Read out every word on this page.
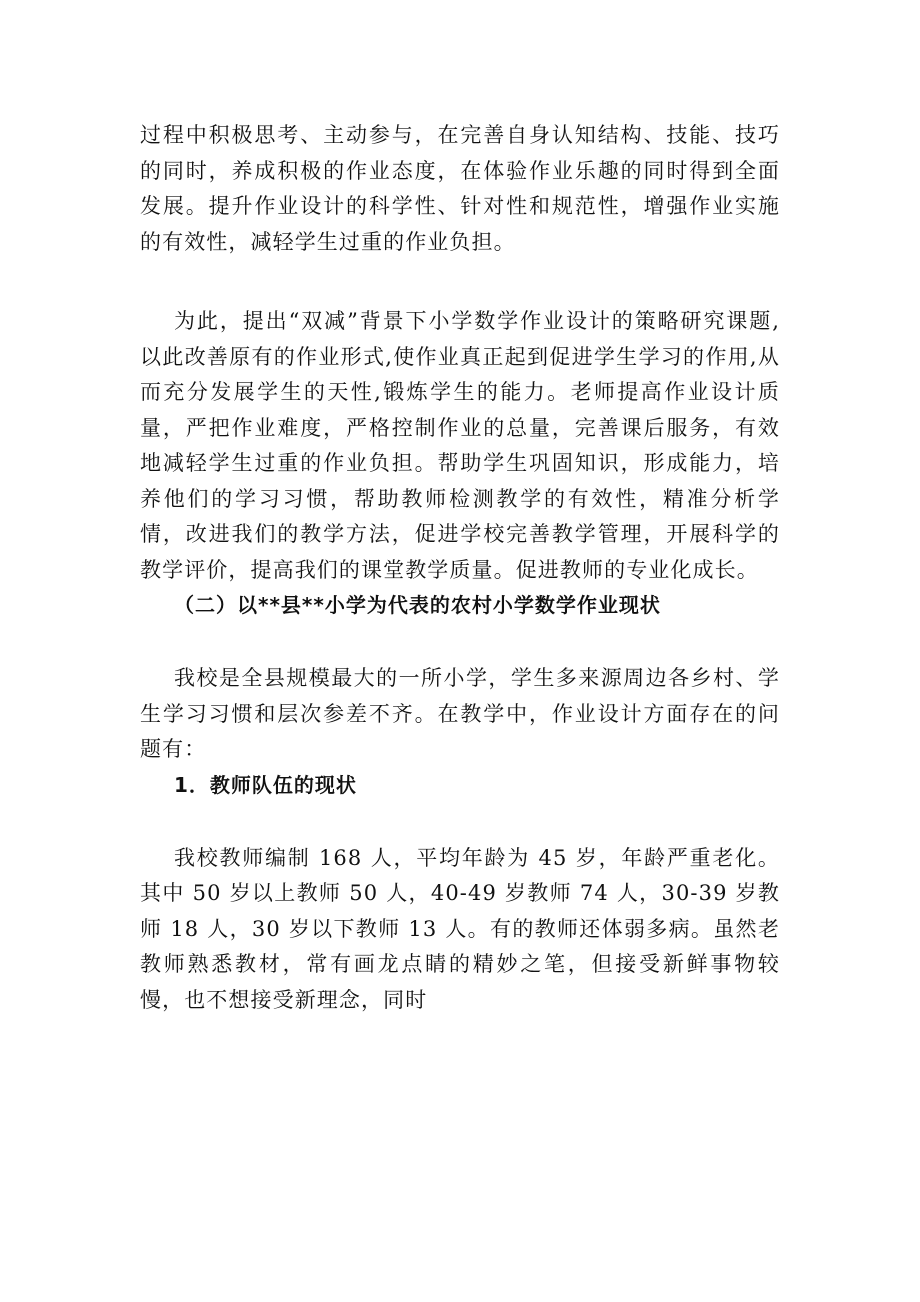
过程中积极思考、主动参与，在完善自身认知结构、技能、技巧的同时，养成积极的作业态度，在体验作业乐趣的同时得到全面发展。提升作业设计的科学性、针对性和规范性，增强作业实施的有效性，减轻学生过重的作业负担。

为此，提出“双减”背景下小学数学作业设计的策略研究课题,以此改善原有的作业形式,使作业真正起到促进学生学习的作用,从而充分发展学生的天性,锻炼学生的能力。老师提高作业设计质量，严把作业难度，严格控制作业的总量，完善课后服务，有效地减轻学生过重的作业负担。帮助学生巩固知识，形成能力，培养他们的学习习惯，帮助教师检测教学的有效性，精准分析学情，改进我们的教学方法，促进学校完善教学管理，开展科学的教学评价，提高我们的课堂教学质量。促进教师的专业化成长。

（二）以**县**小学为代表的农村小学数学作业现状

我校是全县规模最大的一所小学，学生多来源周边各乡村、学生学习习惯和层次参差不齐。在教学中，作业设计方面存在的问题有：

1．教师队伍的现状

我校教师编制 168 人，平均年龄为 45 岁，年龄严重老化。其中 50 岁以上教师 50 人，40-49 岁教师 74 人，30-39 岁教师 18 人，30 岁以下教师 13 人。有的教师还体弱多病。虽然老教师熟悉教材，常有画龙点睛的精妙之笔，但接受新鲜事物较慢，也不想接受新理念，同时
